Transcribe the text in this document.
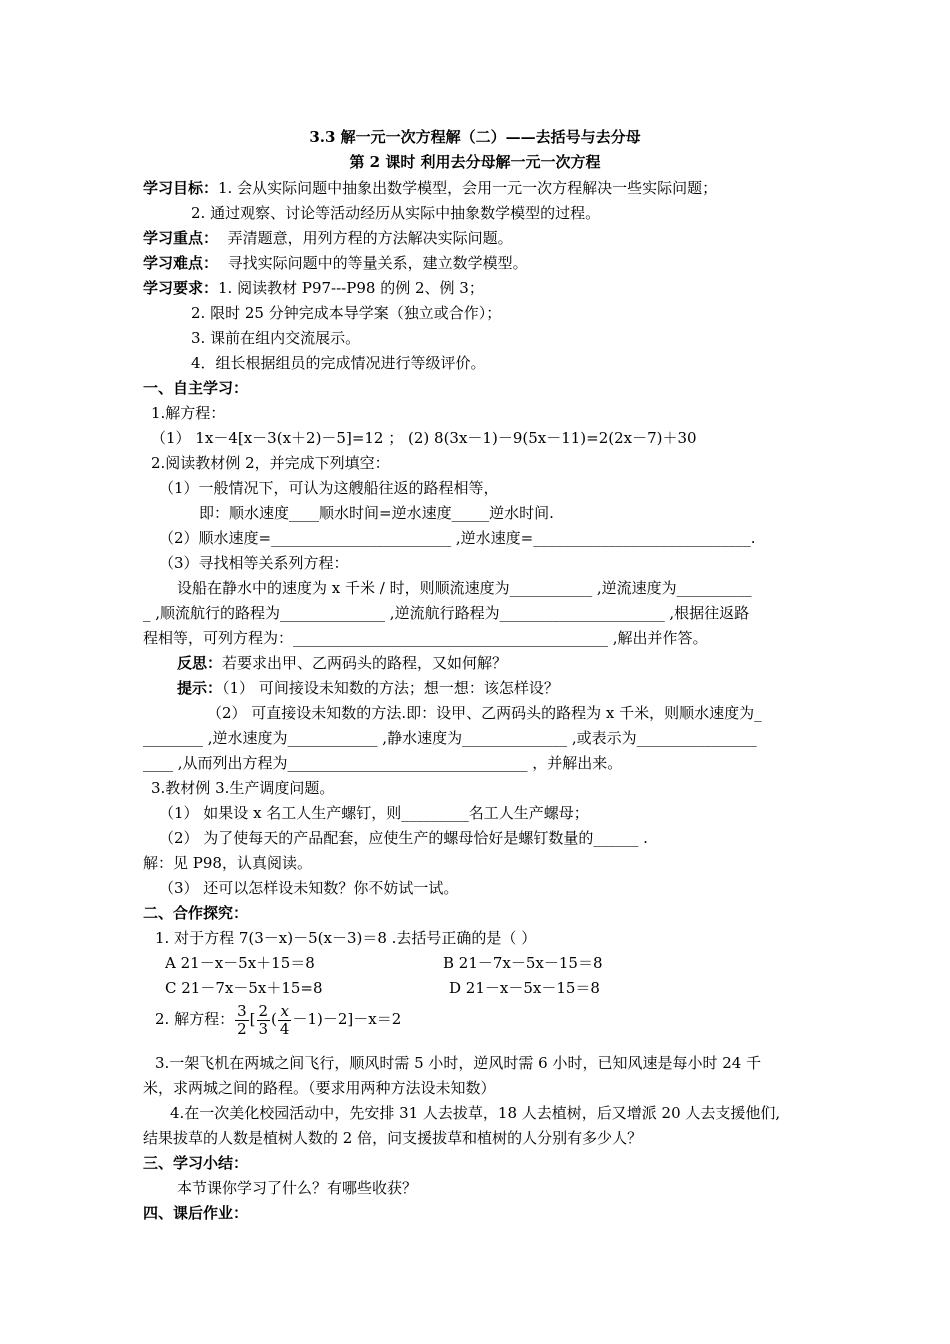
3.3 解一元一次方程解（二）——去括号与去分母
第 2 课时 利用去分母解一元一次方程
学习目标：1. 会从实际问题中抽象出数学模型，会用一元一次方程解决一些实际问题；
2. 通过观察、讨论等活动经历从实际中抽象数学模型的过程。
学习重点： 弄清题意，用列方程的方法解决实际问题。
学习难点： 寻找实际问题中的等量关系，建立数学模型。
学习要求：1. 阅读教材 P97---P98 的例 2、例 3；
2. 限时 25 分钟完成本导学案（独立或合作）；
3. 课前在组内交流展示。
4．组长根据组员的完成情况进行等级评价。
一、自主学习：
1.解方程：
（1） 1x－4[x－3(x＋2)－5]=12 ； (2) 8(3x－1)－9(5x－11)=2(2x－7)＋30
2.阅读教材例 2，并完成下列填空：
（1）一般情况下，可认为这艘船往返的路程相等，
即：顺水速度____顺水时间=逆水速度_____逆水时间.
（2）顺水速度=________________________ ,逆水速度=_____________________________.
（3）寻找相等关系列方程：
设船在静水中的速度为 x 千米 / 时，则顺流速度为___________ ,逆流速度为__________
_ ,顺流航行的路程为______________ ,逆流航行路程为______________________ ,根据往返路
程相等，可列方程为：__________________________________________ ,解出并作答。
反思：若要求出甲、乙两码头的路程，又如何解？
提示：（1） 可间接设未知数的方法；想一想：该怎样设？
（2） 可直接设未知数的方法.即：设甲、乙两码头的路程为 x 千米，则顺水速度为_
________ ,逆水速度为____________ ,静水速度为______________ ,或表示为________________
____ ,从而列出方程为________________________________ ，并解出来。
3.教材例 3.生产调度问题。
（1） 如果设 x 名工人生产螺钉，则_________名工人生产螺母；
（2） 为了使每天的产品配套，应使生产的螺母恰好是螺钉数量的______ .
解：见 P98，认真阅读。
（3） 还可以怎样设未知数？你不妨试一试。
二、合作探究：
1. 对于方程 7(3－x)－5(x－3)＝8 .去括号正确的是（ ）
A 21－x－5x＋15＝8	B 21－7x－5x－15＝8
C 21－7x－5x＋15=8	D 21－x－5x－15＝8
2. 解方程： $\frac{3}{2}$ [ $\frac{2}{3}$ ( $\frac{x}{4} -1)-2]-x=2$
3.一架飞机在两城之间飞行，顺风时需 5 小时，逆风时需 6 小时，已知风速是每小时 24 千
米，求两城之间的路程。（要求用两种方法设未知数）
4.在一次美化校园活动中，先安排 31 人去拔草，18 人去植树，后又增派 20 人去支援他们,
结果拔草的人数是植树人数的 2 倍，问支援拔草和植树的人分别有多少人？
三、学习小结：
本节课你学习了什么？有哪些收获？
四、课后作业：
